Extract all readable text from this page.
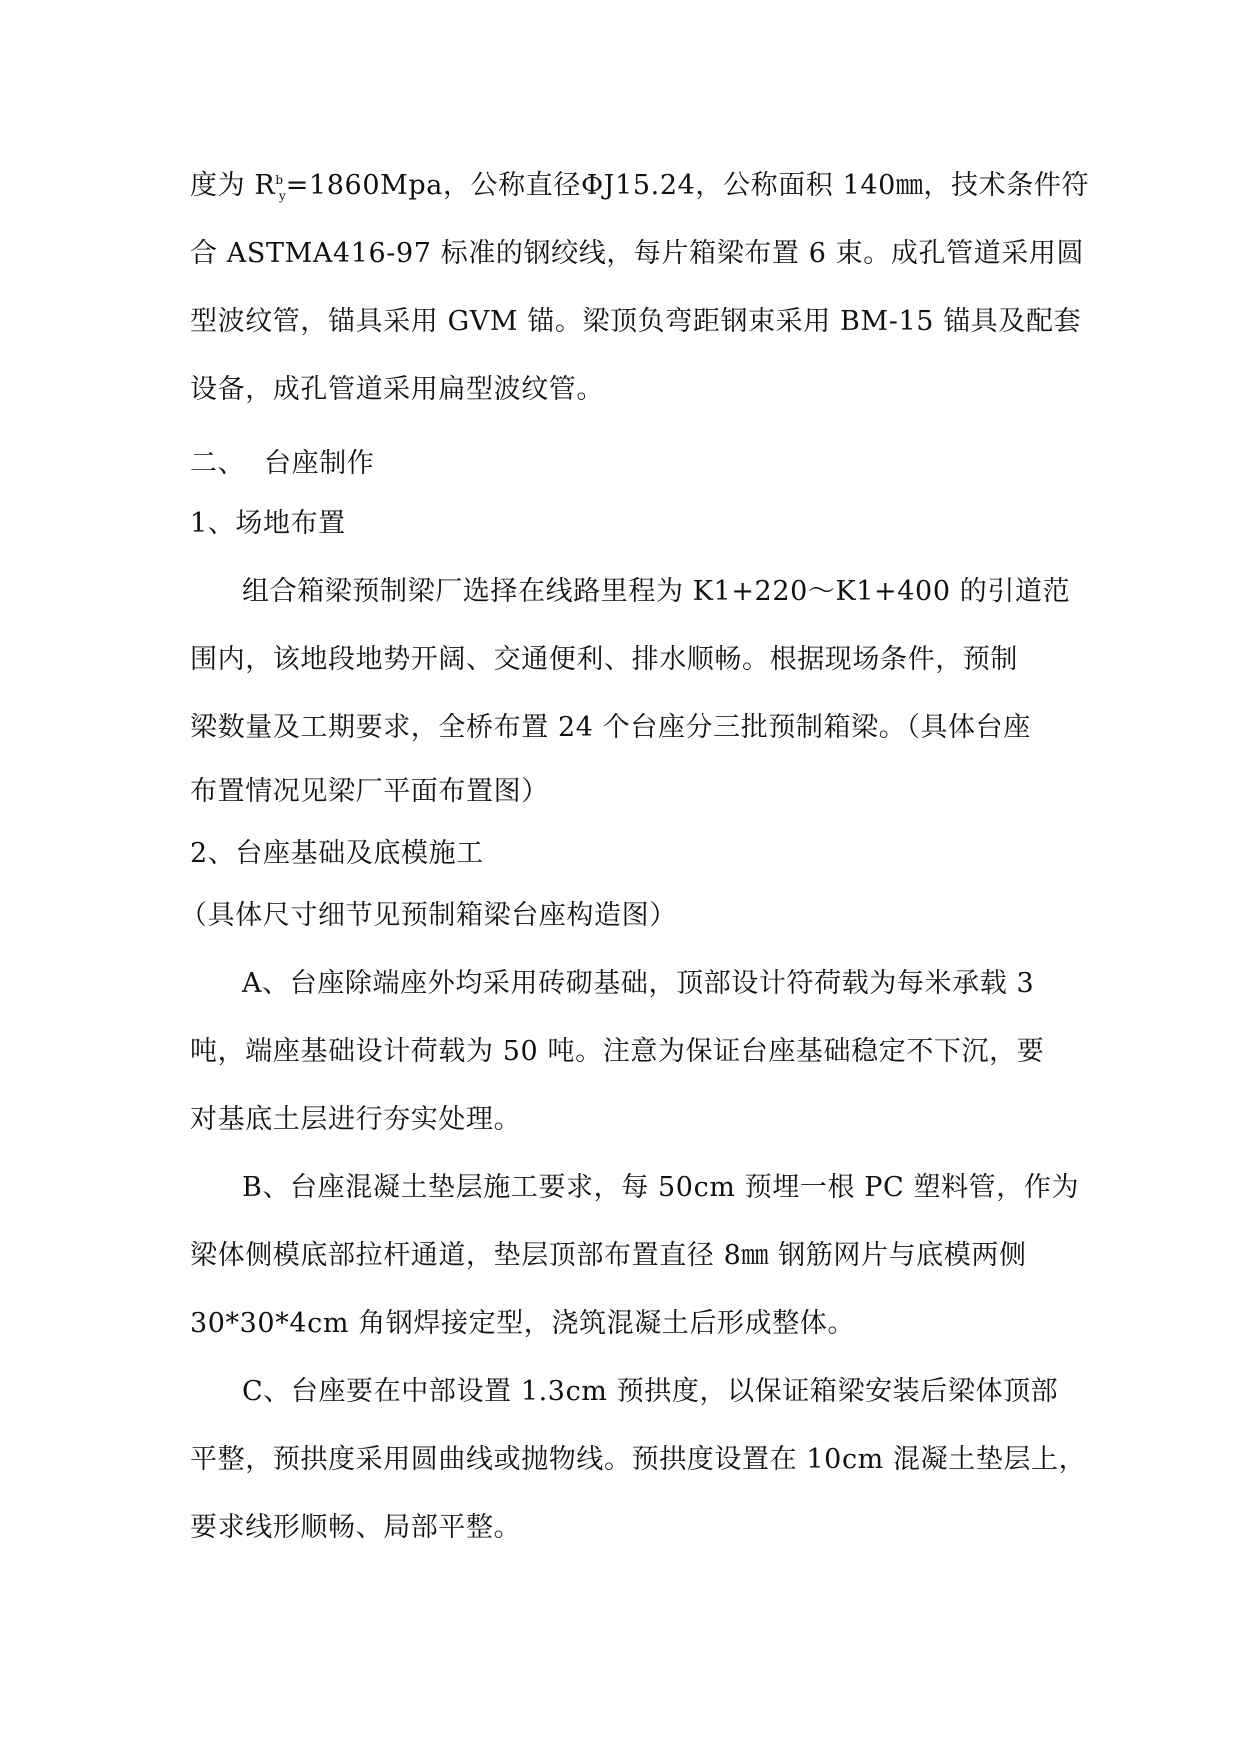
度为 $R^b_y=1860Mpa$，公称直径ΦJ15.24，公称面积 140㎜，技术条件符
合 ASTMA416-97 标准的钢绞线，每片箱梁布置 6 束。成孔管道采用圆
型波纹管，锚具采用 GVM 锚。梁顶负弯距钢束采用 BM-15 锚具及配套
设备，成孔管道采用扁型波纹管。
二、 台座制作
1、场地布置
组合箱梁预制梁厂选择在线路里程为 K1+220～K1+400 的引道范
围内，该地段地势开阔、交通便利、排水顺畅。根据现场条件，预制
梁数量及工期要求，全桥布置 24 个台座分三批预制箱梁。（具体台座
布置情况见梁厂平面布置图）
2、台座基础及底模施工
（具体尺寸细节见预制箱梁台座构造图）
A、台座除端座外均采用砖砌基础，顶部设计符荷载为每米承载 3
吨，端座基础设计荷载为 50 吨。注意为保证台座基础稳定不下沉，要
对基底土层进行夯实处理。
B、台座混凝土垫层施工要求，每 50cm 预埋一根 PC 塑料管，作为
梁体侧模底部拉杆通道，垫层顶部布置直径 8㎜ 钢筋网片与底模两侧
30*30*4cm 角钢焊接定型，浇筑混凝土后形成整体。
C、台座要在中部设置 1.3cm 预拱度，以保证箱梁安装后梁体顶部
平整，预拱度采用圆曲线或抛物线。预拱度设置在 10cm 混凝土垫层上，
要求线形顺畅、局部平整。
